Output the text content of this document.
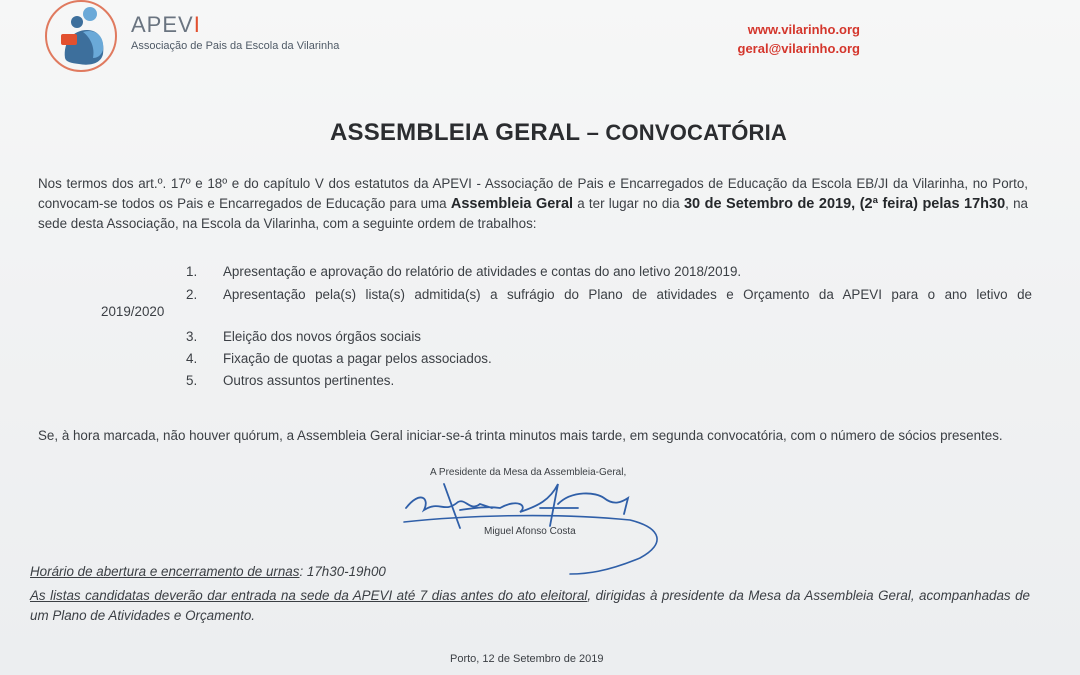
APEVI
Associação de Pais da Escola da Vilarinha
www.vilarinho.org
geral@vilarinho.org
ASSEMBLEIA GERAL – CONVOCATÓRIA
Nos termos dos art.º. 17º e 18º e do capítulo V dos estatutos da APEVI - Associação de Pais e Encarregados de Educação da Escola EB/JI da Vilarinha, no Porto, convocam-se todos os Pais e Encarregados de Educação para uma Assembleia Geral a ter lugar no dia 30 de Setembro de 2019, (2ª feira) pelas 17h30, na sede desta Associação, na Escola da Vilarinha, com a seguinte ordem de trabalhos:
1. Apresentação e aprovação do relatório de atividades e contas do ano letivo 2018/2019.
2. Apresentação pela(s) lista(s) admitida(s) a sufrágio do Plano de atividades e Orçamento da APEVI para o ano letivo de
2019/2020
3. Eleição dos novos órgãos sociais
4. Fixação de quotas a pagar pelos associados.
5. Outros assuntos pertinentes.
Se, à hora marcada, não houver quórum, a Assembleia Geral iniciar-se-á trinta minutos mais tarde, em segunda convocatória, com o número de sócios presentes.
A Presidente da Mesa da Assembleia-Geral,
Miguel Afonso Costa
Horário de abertura e encerramento de urnas: 17h30-19h00
As listas candidatas deverão dar entrada na sede da APEVI até 7 dias antes do ato eleitoral, dirigidas à presidente da Mesa da Assembleia Geral, acompanhadas de um Plano de Atividades e Orçamento.
Porto, 12 de Setembro de 2019
